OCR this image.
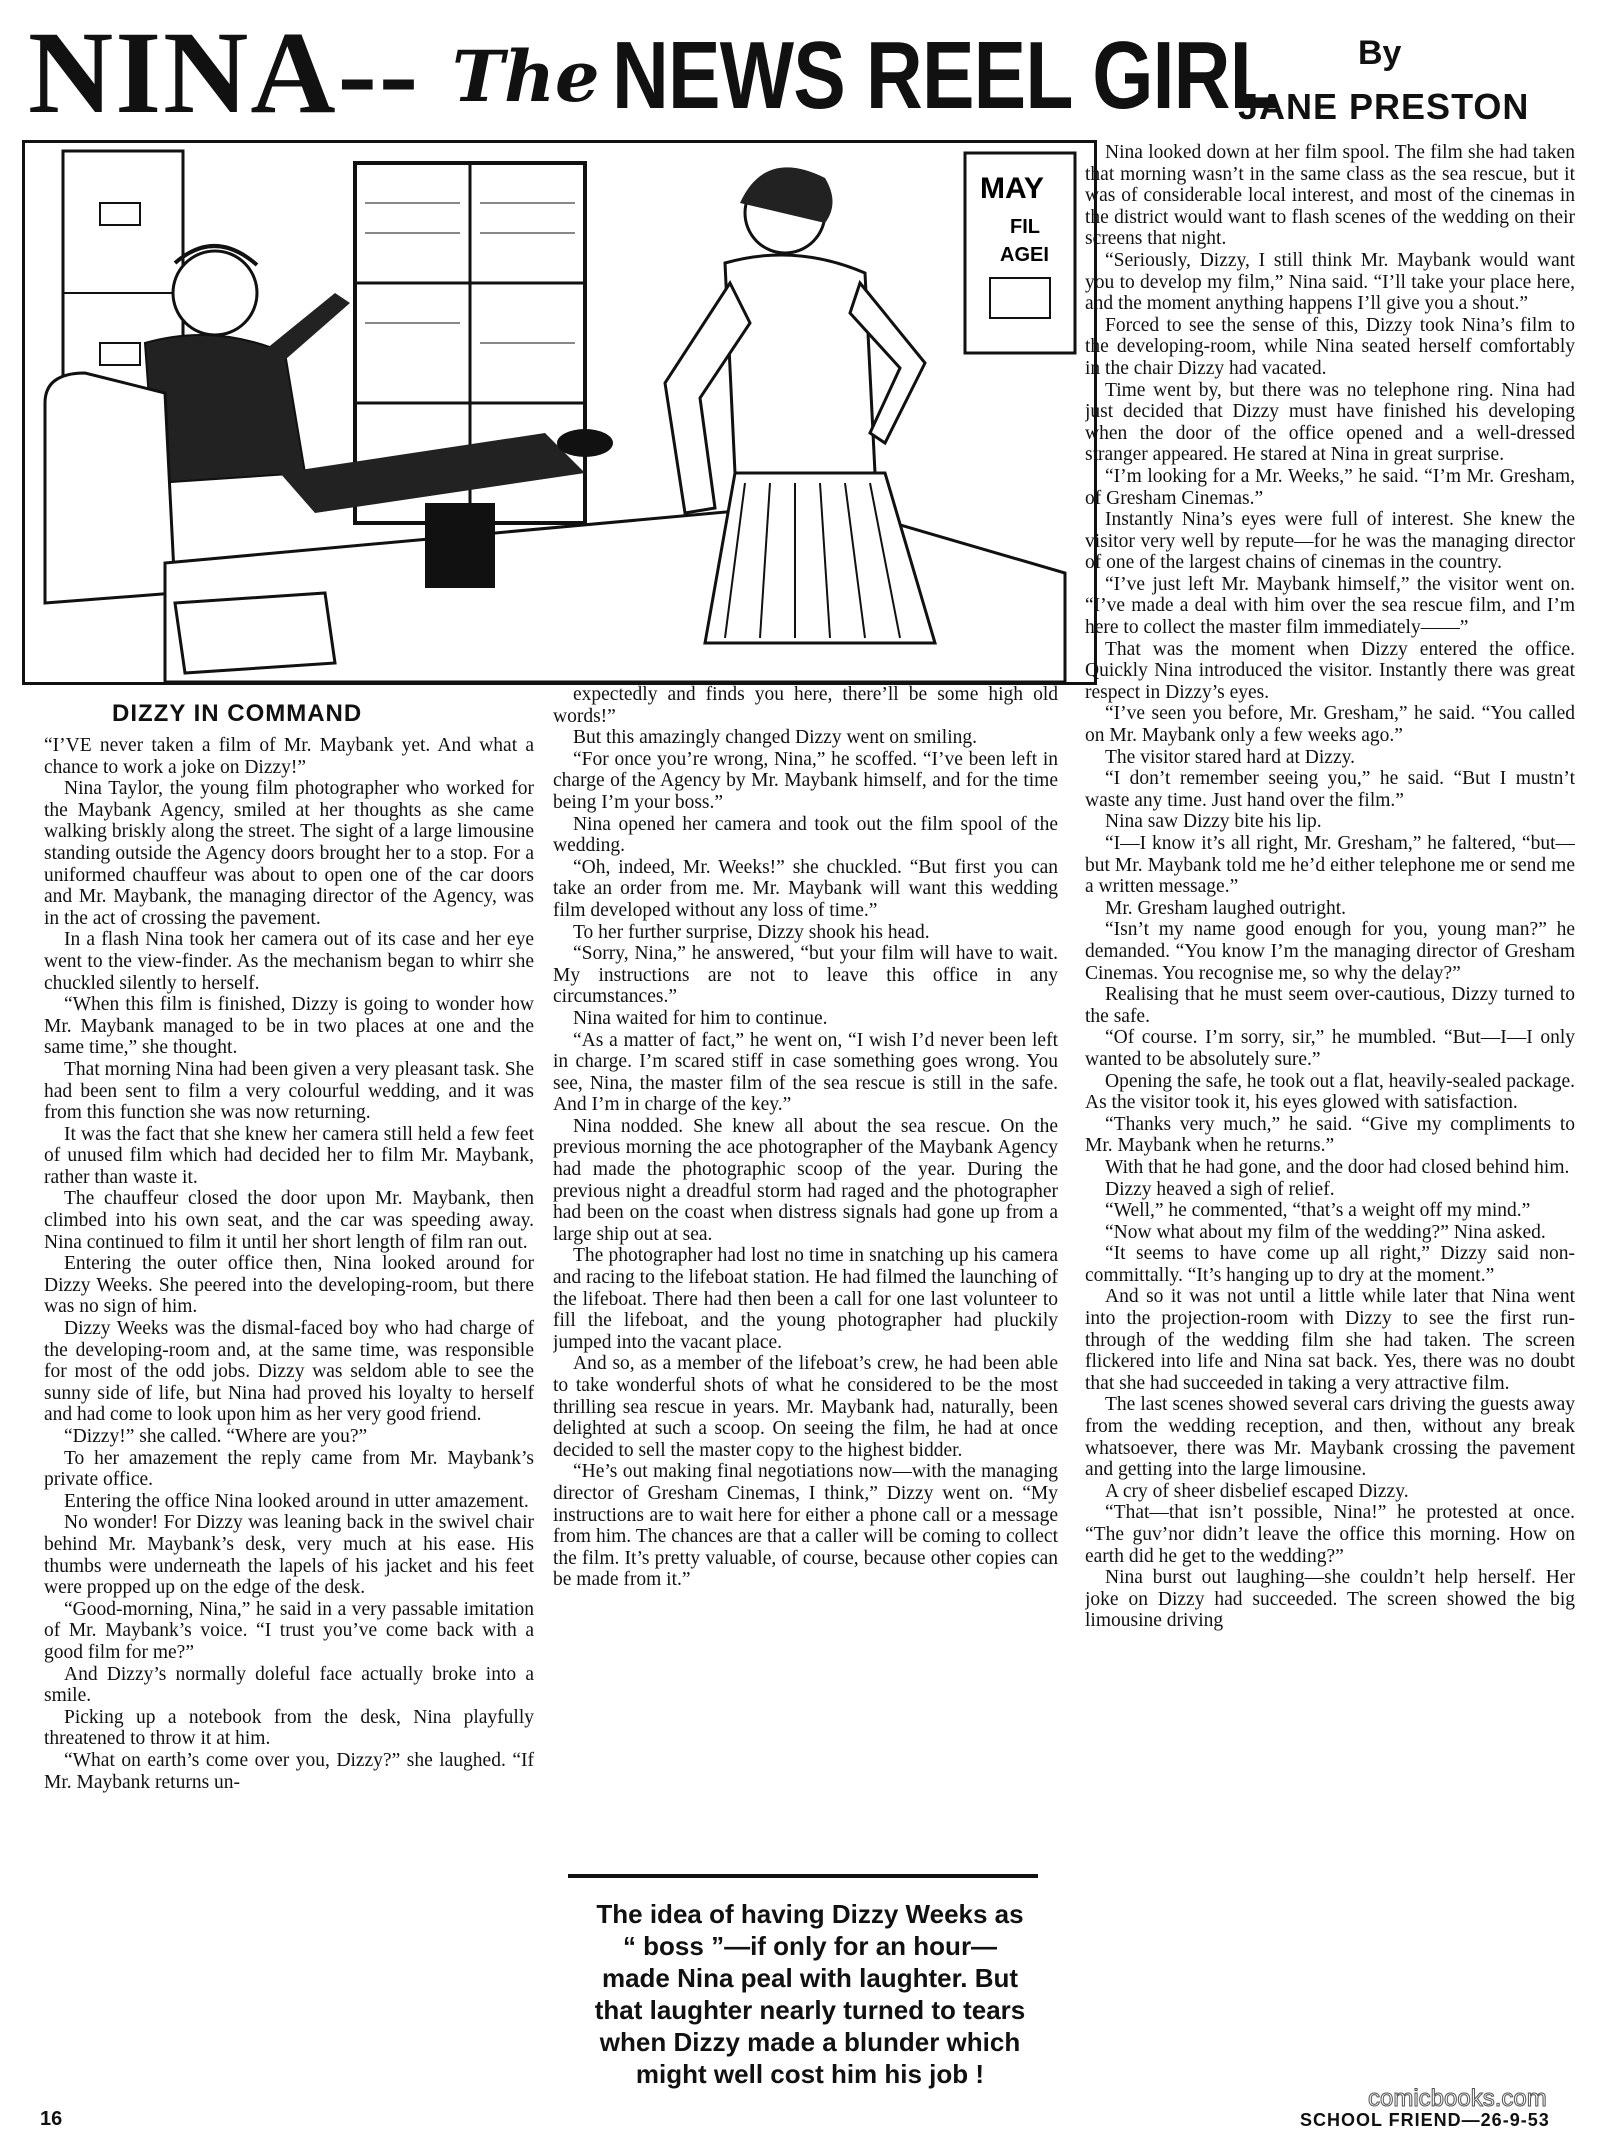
NINA-- The NEWS REEL GIRL By
JANE PRESTON
MAY
FIL
AGEI
DIZZY IN COMMAND

“I’VE never taken a film of Mr. Maybank yet. And what a chance to work a joke on Dizzy!”

Nina Taylor, the young film photographer who worked for the Maybank Agency, smiled at her thoughts as she came walking briskly along the street. The sight of a large limousine standing outside the Agency doors brought her to a stop. For a uniformed chauffeur was about to open one of the car doors and Mr. Maybank, the managing director of the Agency, was in the act of crossing the pavement.

In a flash Nina took her camera out of its case and her eye went to the view-finder. As the mechanism began to whirr she chuckled silently to herself.

“When this film is finished, Dizzy is going to wonder how Mr. Maybank managed to be in two places at one and the same time,” she thought.

That morning Nina had been given a very pleasant task. She had been sent to film a very colourful wedding, and it was from this function she was now returning.

It was the fact that she knew her camera still held a few feet of unused film which had decided her to film Mr. Maybank, rather than waste it.

The chauffeur closed the door upon Mr. Maybank, then climbed into his own seat, and the car was speeding away. Nina continued to film it until her short length of film ran out.

Entering the outer office then, Nina looked around for Dizzy Weeks. She peered into the developing-room, but there was no sign of him.

Dizzy Weeks was the dismal-faced boy who had charge of the developing-room and, at the same time, was responsible for most of the odd jobs. Dizzy was seldom able to see the sunny side of life, but Nina had proved his loyalty to herself and had come to look upon him as her very good friend.

“Dizzy!” she called. “Where are you?”

To her amazement the reply came from Mr. Maybank’s private office.

Entering the office Nina looked around in utter amazement.

No wonder! For Dizzy was leaning back in the swivel chair behind Mr. Maybank’s desk, very much at his ease. His thumbs were underneath the lapels of his jacket and his feet were propped up on the edge of the desk.

“Good-morning, Nina,” he said in a very passable imitation of Mr. Maybank’s voice. “I trust you’ve come back with a good film for me?”

And Dizzy’s normally doleful face actually broke into a smile.

Picking up a notebook from the desk, Nina playfully threatened to throw it at him.

“What on earth’s come over you, Dizzy?” she laughed. “If Mr. Maybank returns un-

expectedly and finds you here, there’ll be some high old words!”

But this amazingly changed Dizzy went on smiling.

“For once you’re wrong, Nina,” he scoffed. “I’ve been left in charge of the Agency by Mr. Maybank himself, and for the time being I’m your boss.”

Nina opened her camera and took out the film spool of the wedding.

“Oh, indeed, Mr. Weeks!” she chuckled. “But first you can take an order from me. Mr. Maybank will want this wedding film developed without any loss of time.”

To her further surprise, Dizzy shook his head.

“Sorry, Nina,” he answered, “but your film will have to wait. My instructions are not to leave this office in any circumstances.”

Nina waited for him to continue.

“As a matter of fact,” he went on, “I wish I’d never been left in charge. I’m scared stiff in case something goes wrong. You see, Nina, the master film of the sea rescue is still in the safe. And I’m in charge of the key.”

Nina nodded. She knew all about the sea rescue. On the previous morning the ace photographer of the Maybank Agency had made the photographic scoop of the year. During the previous night a dreadful storm had raged and the photographer had been on the coast when distress signals had gone up from a large ship out at sea.

The photographer had lost no time in snatching up his camera and racing to the lifeboat station. He had filmed the launching of the lifeboat. There had then been a call for one last volunteer to fill the lifeboat, and the young photographer had pluckily jumped into the vacant place.

And so, as a member of the lifeboat’s crew, he had been able to take wonderful shots of what he considered to be the most thrilling sea rescue in years. Mr. Maybank had, naturally, been delighted at such a scoop. On seeing the film, he had at once decided to sell the master copy to the highest bidder.

“He’s out making final negotiations now—with the managing director of Gresham Cinemas, I think,” Dizzy went on. “My instructions are to wait here for either a phone call or a message from him. The chances are that a caller will be coming to collect the film. It’s pretty valuable, of course, because other copies can be made from it.”

Nina looked down at her film spool. The film she had taken that morning wasn’t in the same class as the sea rescue, but it was of considerable local interest, and most of the cinemas in the district would want to flash scenes of the wedding on their screens that night.

“Seriously, Dizzy, I still think Mr. Maybank would want you to develop my film,” Nina said. “I’ll take your place here, and the moment anything happens I’ll give you a shout.”

Forced to see the sense of this, Dizzy took Nina’s film to the developing-room, while Nina seated herself comfortably in the chair Dizzy had vacated.

Time went by, but there was no telephone ring. Nina had just decided that Dizzy must have finished his developing when the door of the office opened and a well-dressed stranger appeared. He stared at Nina in great surprise.

“I’m looking for a Mr. Weeks,” he said. “I’m Mr. Gresham, of Gresham Cinemas.”

Instantly Nina’s eyes were full of interest. She knew the visitor very well by repute—for he was the managing director of one of the largest chains of cinemas in the country.

“I’ve just left Mr. Maybank himself,” the visitor went on. “I’ve made a deal with him over the sea rescue film, and I’m here to collect the master film immediately——”

That was the moment when Dizzy entered the office. Quickly Nina introduced the visitor. Instantly there was great respect in Dizzy’s eyes.

“I’ve seen you before, Mr. Gresham,” he said. “You called on Mr. Maybank only a few weeks ago.”

The visitor stared hard at Dizzy.

“I don’t remember seeing you,” he said. “But I mustn’t waste any time. Just hand over the film.”

Nina saw Dizzy bite his lip.

“I—I know it’s all right, Mr. Gresham,” he faltered, “but—but Mr. Maybank told me he’d either telephone me or send me a written message.”

Mr. Gresham laughed outright.

“Isn’t my name good enough for you, young man?” he demanded. “You know I’m the managing director of Gresham Cinemas. You recognise me, so why the delay?”

Realising that he must seem over-cautious, Dizzy turned to the safe.

“Of course. I’m sorry, sir,” he mumbled. “But—I—I only wanted to be absolutely sure.”

Opening the safe, he took out a flat, heavily-sealed package. As the visitor took it, his eyes glowed with satisfaction.

“Thanks very much,” he said. “Give my compliments to Mr. Maybank when he returns.”

With that he had gone, and the door had closed behind him.

Dizzy heaved a sigh of relief.

“Well,” he commented, “that’s a weight off my mind.”

“Now what about my film of the wedding?” Nina asked.

“It seems to have come up all right,” Dizzy said non-committally. “It’s hanging up to dry at the moment.”

And so it was not until a little while later that Nina went into the projection-room with Dizzy to see the first run-through of the wedding film she had taken. The screen flickered into life and Nina sat back. Yes, there was no doubt that she had succeeded in taking a very attractive film.

The last scenes showed several cars driving the guests away from the wedding reception, and then, without any break whatsoever, there was Mr. Maybank crossing the pavement and getting into the large limousine.

A cry of sheer disbelief escaped Dizzy.

“That—that isn’t possible, Nina!” he protested at once. “The guv’nor didn’t leave the office this morning. How on earth did he get to the wedding?”

Nina burst out laughing—she couldn’t help herself. Her joke on Dizzy had succeeded. The screen showed the big limousine driving

The idea of having Dizzy Weeks as “ boss ”—if only for an hour—made Nina peal with laughter. But that laughter nearly turned to tears when Dizzy made a blunder which might well cost him his job !
16	SCHOOL FRIEND—26-9-53
comicbooks.com
